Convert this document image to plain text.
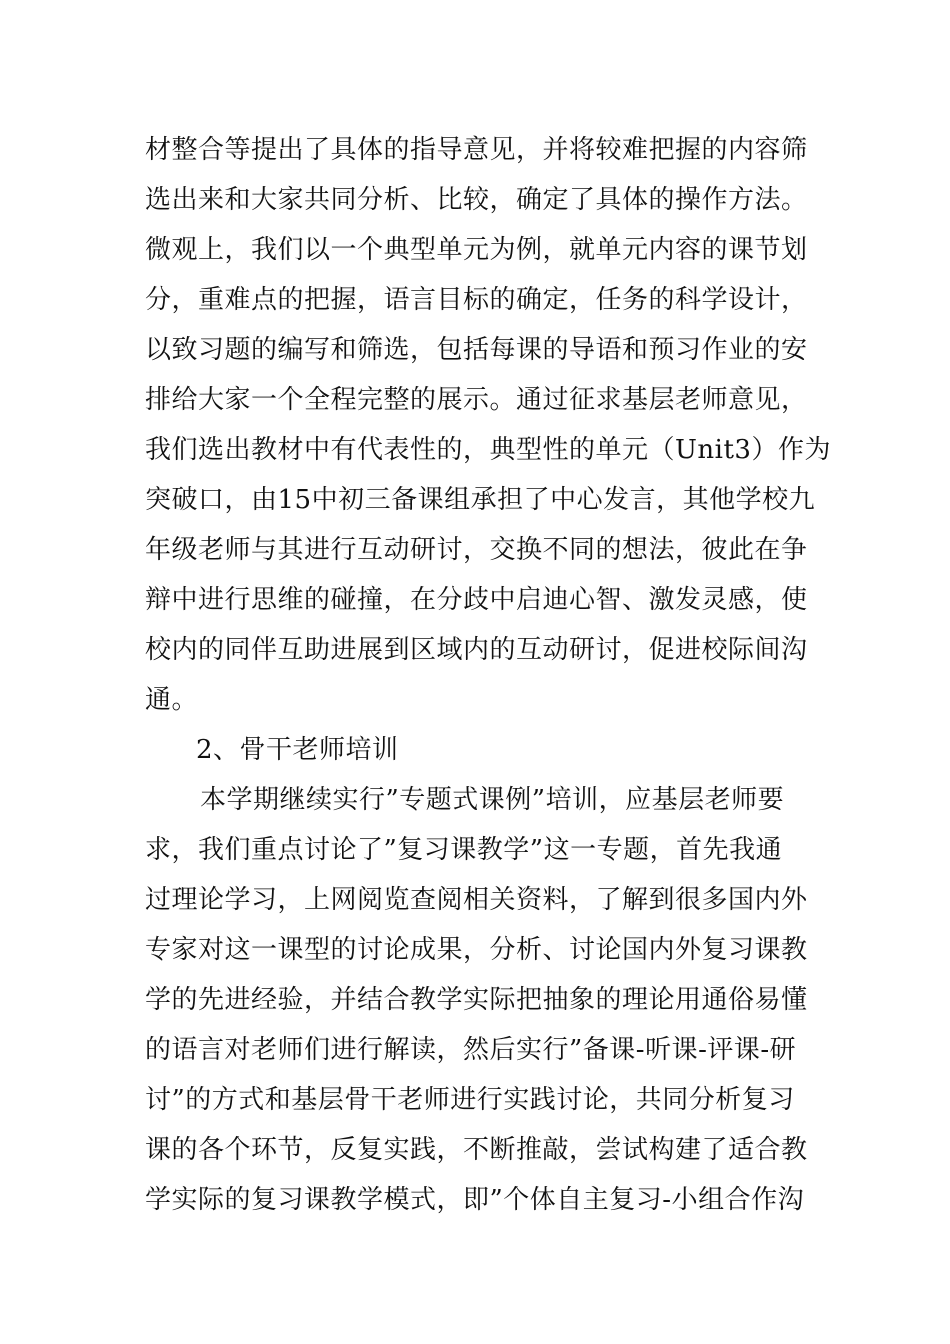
材整合等提出了具体的指导意见，并将较难把握的内容筛
选出来和大家共同分析、比较，确定了具体的操作方法。
微观上，我们以一个典型单元为例，就单元内容的课节划
分，重难点的把握，语言目标的确定，任务的科学设计，
以致习题的编写和筛选，包括每课的导语和预习作业的安
排给大家一个全程完整的展示。通过征求基层老师意见，
我们选出教材中有代表性的，典型性的单元（Unit3）作为
突破口，由15中初三备课组承担了中心发言，其他学校九
年级老师与其进行互动研讨，交换不同的想法，彼此在争
辩中进行思维的碰撞，在分歧中启迪心智、激发灵感，使
校内的同伴互助进展到区域内的互动研讨，促进校际间沟
通。
2、骨干老师培训
本学期继续实行”专题式课例”培训，应基层老师要
求，我们重点讨论了”复习课教学”这一专题，首先我通
过理论学习，上网阅览查阅相关资料，了解到很多国内外
专家对这一课型的讨论成果，分析、讨论国内外复习课教
学的先进经验，并结合教学实际把抽象的理论用通俗易懂
的语言对老师们进行解读，然后实行”备课-听课-评课-研
讨”的方式和基层骨干老师进行实践讨论，共同分析复习
课的各个环节，反复实践，不断推敲，尝试构建了适合教
学实际的复习课教学模式，即”个体自主复习-小组合作沟
